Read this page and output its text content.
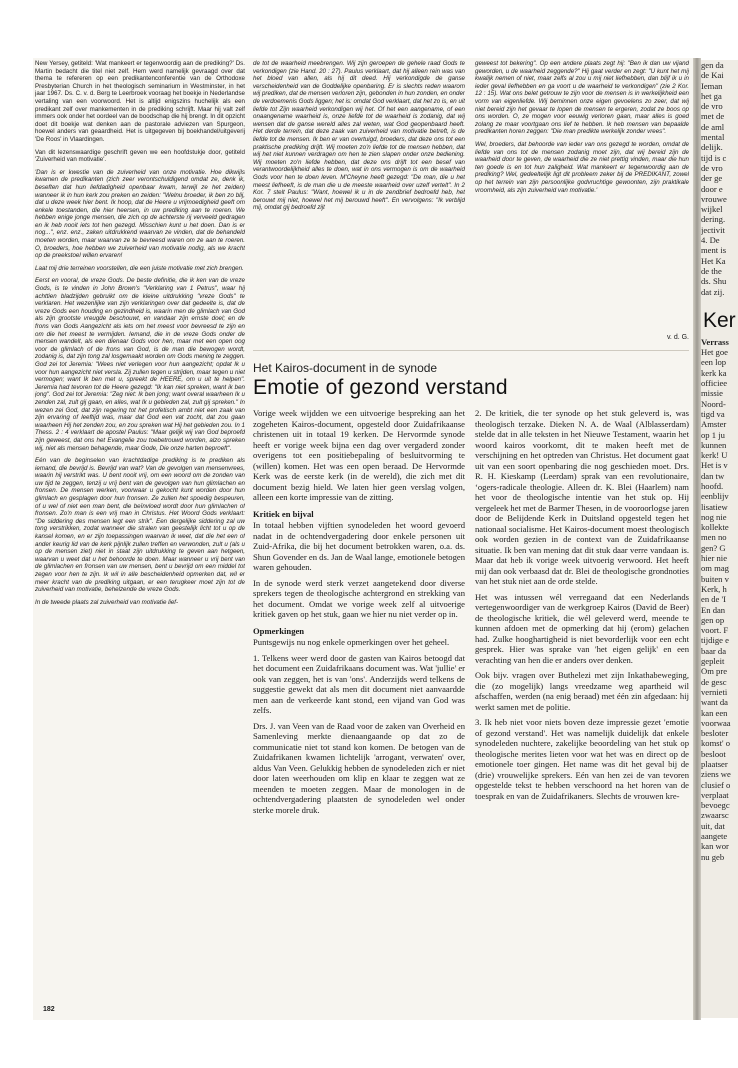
New Yersey, getiteld: 'Wat mankeert er tegenwoordig aan de prediking?' Ds. Martin bedacht die titel niet zelf. Hem werd namelijk gevraagd over dat thema te refereren op een predikantenconferentie van de Orthodoxe Presbyterian Church in het theologisch seminarium in Westminster, in het jaar 1967. Ds. C. v. d. Berg te Leerbroek vooraag het boekje in Nederlandse vertaling van een voorwoord. Het is altijd enigszins huchelijk als een predikant zelf over mankementen in de prediking schrijft. Maar hij valt zelf immers ook onder het oordeel van de boodschap die hij brengt. In dit opzicht doet dit boekje wat denken aan de pastorale adviezen van Spurgeon, hoewel anders van geaardheid. Het is uitgegeven bij boekhandel/uitgeverij 'De Roos' in Vlaardingen.

Van dit lezenswaardige geschrift geven we een hoofdstukje door, getiteld 'Zuiverheid van motivatie'.

'Dan is er kwestie van de zuiverheid van onze motivatie. Hoe dikwijls kwamen de predikanten (zich zeer verontschuldigend omdat ze, denk ik, beseften dat hun liefdadigheid openbaar kwam, terwijl ze het zeiden) wanneer ik in hun kerk zou preken en zeiden: "Welnu broeder, ik ben zo blij, dat u deze week hier bent. Ik hoop, dat de Heere u vrijmoedigheid geeft om enkele toestanden, die hier heersen, in uw prediking aan te roeren. We hebben enige jonge mensen, die zich op de achterste rij verveeld gedragen en ik heb nooit iets tot hen gezegd. Misschien kunt u het doen. Dan is er nog...", enz. enz., zaken uitdrukkend waarvan ze vinden, dat de behandeld moeten worden, maar waarvan ze te bevreesd waren om ze aan te roeren. O, broeders, hoe hebben we zuiverheid van motivatie nodig, als we kracht op de preekstoel willen ervaren!

Laat mij drie terreinen voorstellen, die een juiste motivatie met zich brengen.

Eerst en vooral, de vreze Gods. De beste definitie, die ik ken van de vreze Gods, is te vinden in John Brown's "Verklaring van 1 Petrus", waar hij achttien bladzijden gebruikt om de kleine uitdrukking "vreze Gods" te verklaren. Het wezenlijke van zijn verklaringen over dat gedeelte is, dat de vreze Gods een houding en gezindheid is, waarin men de glimlach van God als zijn grootste vreugde beschouwt, en vandaar zijn ernste doel; en de frons van Gods Aangezicht als iets om het meest voor bevreesd te zijn en om die het meest te vermijden. Iemand, die in de vreze Gods onder de mensen wandelt, als een dienaar Gods voor hen, maar met een open oog voor de glimlach of de frons van God, is de man die bewogen wordt, zodanig is, dat zijn tong zal losgemaakt worden om Gods mening te zeggen. God zei tot Jeremia: "Wees niet verlegen voor hun aangezicht; opdat Ik u voor hun aangezicht niet versla. Zij zullen tegen u strijden, maar tegen u niet vermogen; want Ik ben met u, spreekt de HEERE, om u uit te helpen". Jeremia had tevoren tot de Heere gezegd: "Ik kan niet spreken, want ik ben jong". God zei tot Jeremia: "Zeg niet: Ik ben jong; want overal waarheen Ik u zenden zal, zult gij gaan, en alles, wat Ik u gebieden zal, zult gij spreken." In wezen zei God, dat zijn regering tot het profetisch ambt niet een zaak van zijn ervaring of leeftijd was, maar dat God een vat zocht, dat zou gaan waarheen Hij het zenden zou, en zou spreken wat Hij het gebieden zou. In 1 Thess. 2 : 4 verklaart de apostel Paulus: "Maar gelijk wij van God beproefd zijn geweest, dat ons het Evangelie zou toebetrouwd worden, alzo spreken wij, niet als mensen behagende, maar Gode, Die onze harten beproeft".

Eén van de beginselen van krachtdadige prediking is te prediken als iemand, die bevrijd is. Bevrijd van wat? Van de gevolgen van mensenvrees, waarin hij verstrikt was. U bent nooit vrij, om een woord om de zonden van uw tijd te zeggen, tenzij u vrij bent van de gevolgen van hun glimlachen en fronsen. De mensen werken, voorwaar u gekocht kunt worden door hun glimlach en gesplagen door hun fronsen. Ze zullen het spoedig bespeuren, of u wel of niet een man bent, die beïnvloed wordt door hun glimlachen of fronsen. Zo'n man is een vrij man in Christus. Het Woord Gods verklaart: "De siddering des mensen legt een strik". Een dergelijke siddering zal uw tong verstrikken, zodat wanneer die stralen van geestelijk licht tot u op de kansel komen, en er zijn toepassingen waarvan ik weet, dat die het een of ander keurig lid van de kerk pijnlijk zullen treffen en verwonden, zult u (als u op de mensen ziet) niet in staat zijn uitdrukking te geven aan hetgeen, waarvan u weet dat u het behoorde te doen. Maar wanneer u vrij bent van de glimlachen en fronsen van uw mensen, bent u bevrijd om een middel tot zegen voor hen te zijn. Ik wil in alle bescheidenheid opmerken dat, wil er meer kracht van de prediking uitgaan, er een terugkeer moet zijn tot de zuiverheid van motivatie, behelzende de vreze Gods.

In de tweede plaats zal zuiverheid van motivatie lief-

182

de tot de waarheid meebrengen. Wij zijn geroepen de gehele raad Gods te verkondigen (zie Hand. 20 : 27). Paulus verklaart, dat hij alleen rein was van het bloed van allen, als hij dit deed. Hij verkondigde de ganse verscheidenheid van de Goddelijke openbaring. Er is slechts reden waarom wij prediken, dat de mensen verloren zijn, gebonden in hun zonden, en onder de verdoemenis Gods liggen; het is: omdat God verklaart, dat het zo is, en uit liefde tot Zijn waarheid verkondigen wij het. Of het een aangename, of een onaangename waarheid is, onze liefde tot de waarheid is zodanig, dat wij wensen dat de ganse wereld alles zal weten, wat God geopenbaard heeft. Het derde terrein, dat deze zaak van zuiverheid van motivatie betreft, is de liefde tot de mensen. Ik ben er van overtuigd, broeders, dat deze ons tot een praktische prediking drijft. Wij moeten zo'n liefde tot de mensen hebben, dat wij het niet kunnen verdragen om hen te zien slapen onder onze bediening. Wij moeten zo'n liefde hebben, dat deze ons drijft tot een besef van verantwoordelijkheid alles te doen, wat in ons vermogen is om de waarheid Gods voor hen te doen leven. M'Cheyne heeft gezegd: "De man, die u het meest liefheeft, is de man die u de meeste waarheid over uzelf vertelt". In 2 Kor. 7 stelt Paulus: "Want, hoewel ik u in de zendbrief bedroefd heb, het berouwt mij niet, hoewel het mij berouwd heeft". En vervolgens: "Ik verblijd mij, omdat gij bedroefd zijt

geweest tot bekering". Op een andere plaats zegt hij: "Ben ik dan uw vijand geworden, u de waarheid zeggende?" Hij gaat verder en zegt: "U kunt het mij kwalijk nemen of niet, maar zelfs al zou u mij niet liefhebben, dan blijf ik u in ieder geval liefhebben en ga voort u de waarheid te verkondigen" (zie 2 Kor. 12 : 15). Wat ons belet getrouw te zijn voor de mensen is in werkelijkheid een vorm van eigenliefde. Wij beminnen onze eigen gevoelens zo zeer, dat wij niet bereid zijn het gevaar te lopen de mensen te ergeren, zodat ze boos op ons worden. O, ze mogen voor eeuwig verloren gaan, maar alles is goed zolang ze maar voortgaan ons lief te hebben. Ik heb mensen van bepaalde predikanten horen zeggen: "Die man predikte werkelijk zonder vrees".

Wel, broeders, dat behoorde van ieder van ons gezegd te worden, omdat de liefde van ons tot de mensen zodanig moet zijn, dat wij bereid zijn de waarheid door te geven, de waarheid die ze niet prettig vinden, maar die hun ten goede is en tot hun zaligheid. Wat mankeert er tegenwoordig aan de prediking? Wel, gedeeltelijk ligt dit probleem zeker bij de PREDIKANT, zowel op het terrein van zijn persoonlijke godvruchtige gewoonten, zijn praktikale vroomheid, als zijn zuiverheid van motivatie.'

v. d. G.
Het Kairos-document in de synode
Emotie of gezond verstand

Vorige week wijdden we een uitvoerige bespreking aan het zogeheten Kairos-document, opgesteld door Zuidafrikaanse christenen uit in totaal 19 kerken. De Hervormde synode heeft er vorige week bijna een dag over vergaderd zonder overigens tot een positiebepaling of besluitvorming te (willen) komen. Het was een open beraad. De Hervormde Kerk was de eerste kerk (in de wereld), die zich met dit document bezig hield. We laten hier geen verslag volgen, alleen een korte impressie van de zitting.

Kritiek en bijval

In totaal hebben vijftien synodeleden het woord gevoerd nadat in de ochtendvergadering door enkele personen uit Zuid-Afrika, die bij het document betrokken waren, o.a. ds. Shun Govender en ds. Jan de Waal lange, emotionele betogen waren gehouden.

In de synode werd sterk verzet aangetekend door diverse sprekers tegen de theologische achtergrond en strekking van het document. Omdat we vorige week zelf al uitvoerige kritiek gaven op het stuk, gaan we hier nu niet verder op in.

Opmerkingen

Puntsgewijs nu nog enkele opmerkingen over het geheel.

1. Telkens weer werd door de gasten van Kairos betoogd dat het document een Zuidafrikaans document was. Wat 'jullie' er ook van zeggen, het is van 'ons'. Anderzijds werd telkens de suggestie gewekt dat als men dit document niet aanvaardde men aan de verkeerde kant stond, een vijand van God was zelfs.

Drs. J. van Veen van de Raad voor de zaken van Overheid en Samenleving merkte dienaangaande op dat zo de communicatie niet tot stand kon komen. De betogen van de Zuidafrikanen kwamen lichtelijk 'arrogant, verwaten' over, aldus Van Veen. Gelukkig hebben de synodeleden zich er niet door laten weerhouden om klip en klaar te zeggen wat ze meenden te moeten zeggen. Maar de monologen in de ochtendvergadering plaatsten de synodeleden wel onder sterke morele druk.

2. De kritiek, die ter synode op het stuk geleverd is, was theologisch terzake. Dieken N. A. de Waal (Alblasserdam) stelde dat in alle teksten in het Nieuwe Testament, waarin het woord kairos voorkomt, dit te maken heeft met de verschijning en het optreden van Christus. Het document gaat uit van een soort openbaring die nog geschieden moet. Drs. R. H. Kieskamp (Leerdam) sprak van een revolutionaire, ‘ogers-radicale theologie. Alleen dr. K. Blei (Haarlem) nam het voor de theologische intentie van het stuk op. Hij vergeleek het met de Barmer Thesen, in de vooroorlogse jaren door de Belijdende Kerk in Duitsland opgesteld tegen het nationaal socialisme. Het Kairos-document moest theologisch ook worden gezien in de context van de Zuidafrikaanse situatie. Ik ben van mening dat dit stuk daar verre vandaan is. Maar dat heb ik vorige week uitvoerig verwoord. Het heeft mij dan ook verbaasd dat dr. Blei de theologische grondnoties van het stuk niet aan de orde stelde.

Het was intussen wél verregaand dat een Nederlands vertegenwoordiger van de werkgroep Kairos (David de Beer) de theologische kritiek, die wél geleverd werd, meende te kunnen afdoen met de opmerking dat hij (erom) gelachen had. Zulke hooghartigheid is niet bevorderlijk voor een echt gesprek. Hier was sprake van 'het eigen gelijk' en een verachting van hen die er anders over denken.

Ook bijv. vragen over Buthelezi met zijn Inkathabeweging, die (zo mogelijk) langs vreedzame weg apartheid wil afschaffen, werden (na enig beraad) met één zin afgedaan: hij werkt samen met de politie.

3. Ik heb niet voor niets boven deze impressie gezet 'emotie of gezond verstand'. Het was namelijk duidelijk dat enkele synodeleden nuchtere, zakelijke beoordeling van het stuk op theologische merites lieten voor wat het was en direct op de emotionele toer gingen. Het name was dit het geval bij de (drie) vrouwelijke sprekers. Eén van hen zei de van tevoren opgestelde tekst te hebben verschoord na het horen van de toesprak en van de Zuidafrikaners. Slechts de vrouwen kre-

gen da
de Kai
Ieman
het ga
de vro
met de
de aml
mental
delijk.
tijd is c
de vro
der ge
door e
vrouwe
wijkel
dering.
jectivit
4. De
ment is
Het Ka
de the
ds. Shu
dat zij.
Ker
Verrass
Het goe
een lop
kerk ka
officiee
missie
Noord-
tigd va
Amster
op 1 ju
kunnen
kerk! U
Het is v
dan tw
hoofd.
eenblijv
lisatiew
nog nie
kollekte
men no
gen? G
hier nie
om mag
buiten v
Kerk, h
en de 'I
En dan
gen op
voort. F
tijdige e
baar da
gepleit
Om pre
de gesc
vernieti
want da
kan een
voorwaa
besloter
komst' o
besloot
plaatser
ziens we
clusief o
verplaat
bevoegc
zwaarsc
uit, dat
aangete
kan wor
nu geb
